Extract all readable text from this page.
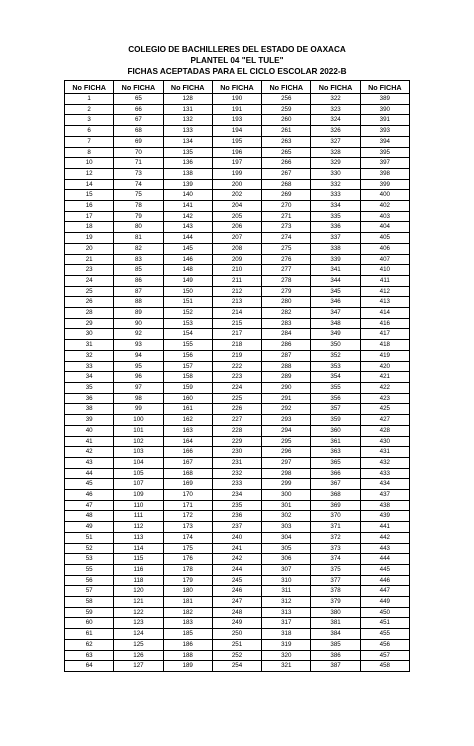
COLEGIO DE BACHILLERES DEL ESTADO DE OAXACA
PLANTEL 04 "EL TULE"
FICHAS ACEPTADAS PARA EL CICLO ESCOLAR 2022-B
No FICHA	No FICHA	No FICHA	No FICHA	No FICHA	No FICHA	No FICHA
1	65	128	190	256	322	389
2	66	131	191	259	323	390
3	67	132	193	260	324	391
6	68	133	194	261	326	393
7	69	134	195	263	327	394
8	70	135	196	265	328	395
10	71	136	197	266	329	397
12	73	138	199	267	330	398
14	74	139	200	268	332	399
15	75	140	202	269	333	400
16	78	141	204	270	334	402
17	79	142	205	271	335	403
18	80	143	206	273	336	404
19	81	144	207	274	337	405
20	82	145	208	275	338	406
21	83	146	209	276	339	407
23	85	148	210	277	341	410
24	86	149	211	278	344	411
25	87	150	212	279	345	412
26	88	151	213	280	346	413
28	89	152	214	282	347	414
29	90	153	215	283	348	416
30	92	154	217	284	349	417
31	93	155	218	286	350	418
32	94	156	219	287	352	419
33	95	157	222	288	353	420
34	96	158	223	289	354	421
35	97	159	224	290	355	422
36	98	160	225	291	356	423
38	99	161	226	292	357	425
39	100	162	227	293	359	427
40	101	163	228	294	360	428
41	102	164	229	295	361	430
42	103	166	230	296	363	431
43	104	167	231	297	365	432
44	105	168	232	298	366	433
45	107	169	233	299	367	434
46	109	170	234	300	368	437
47	110	171	235	301	369	438
48	111	172	236	302	370	439
49	112	173	237	303	371	441
51	113	174	240	304	372	442
52	114	175	241	305	373	443
53	115	176	242	306	374	444
55	116	178	244	307	375	445
56	118	179	245	310	377	446
57	120	180	246	311	378	447
58	121	181	247	312	379	449
59	122	182	248	313	380	450
60	123	183	249	317	381	451
61	124	185	250	318	384	455
62	125	186	251	319	385	456
63	126	188	252	320	386	457
64	127	189	254	321	387	458
